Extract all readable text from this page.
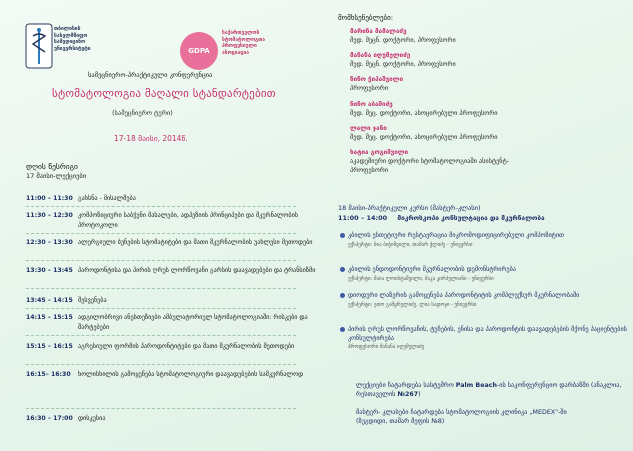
თბილისის სახელმწიფო სამედიცინო უნივერსიტეტი	GDPA
საქართველოს სტომატოლოგთა პროფესიული ასოციაცია
სამეცნიერო-პრაქტიკული კონფერენცია
სტომატოლოგია მაღალი სტანდარტებით
(სამეცნიერო ტური)
17-18 მაისი, 2014წ.
დღის წესრიგი
17 მაისი-ლექციები
11:00 – 11:30 გახსნა - მისალმება
11:30 – 12:30 კომპოზიციური საბჭენი მასალები, ადჰეზიის პრინციპები და მკურნალობის პროტოკოლი
12:30 – 13:30 ალერგიული ბუნების სტომატიტები და მათი მკურნალობის უახლესი მეთოდები
13:30 – 13:45 პაროდონტისა და პირის ღრუს ლორწოვანი გარსის დაავადებები და ტრანსიზმი
13:45 – 14:15 შესვენება
14:15 – 15:15 ადგილობრივი ანესთეზიები ამბულატორიულ სტომატოლოგიაში: რისკები და შარტებები
15:15 – 16:15 აგრესიული ფორმის პაროდონტიტები და მათი მკურნალობის მეთოდები
16:15– 16:30	ხოლისხილის გამოყენება სტომატოლოგიური დაავადებების სამკურნალოდ
16:30 – 17:00 დისკუსია
მომხსენებლები:
მარინა მამალაძე
მედ. მეცნ. დოქტორი, პროფესორი
მანანა იღუმელიძე
მედ. მეცნ. დოქტორი, პროფესორი
ნინო ჭიპაშვილი
პროფესორი
ნინო აბაშიძე
მედ. მეც. დოქტორი, ასოცირებული პროფესორი
ლალი ჯანი
მედ. მეც. დოქტორი, ასოცირებული პროფესორი
ხატია გოგიშვილი
აკადემიური დოქტორი სტომატოლოგიაში ასისტენტ-პროფესორი
18 მაისი-პრაქტიკული კურსი (მასტერ-კლასი)
11:00 – 14:00 მიკროსკოპი კონსულტაცია და მკურნალობა
კბილის ესთეტიური რესტავრაცია მიკრომოდიფიცირებული კომპოზიტით
ექსპერტი: ნია ბიჭიშვილი, თამარ ჭლიძე - უნივერსი
კბილის ენდოდონტიური მკურნალობის დემონსტრირება
ექსპერტი: მაია ლოისტაშვილი, მაკა კირპულიანი - უნივერსი
დიოდური ლაზერის გამოყენება პაროდონტიტის კომპლექსურ მკურნალობაში
ექსპერტი: ეთო გამყრელიძე, ლია სადოჯი - უნივერსი
პირის ღრუს ლორწოვანის, ტუჩების, ენისა და პაროდონტის დაავადებების მქონე პაციენტების კონსულტირება
პროფესორი მანანა იღუმელიძე
ლექციები ჩატარდება სასტუმრო Palm Beach-ის საკონფერენციო დარბაზში (ანაკლია, რესთაველის №267)
მასტერ- კლასები ჩატარდება სტომატოლოგიის კლინიკა „MEDEX"-ში
(ზუგდიდი, თამარ მეფის №8)
